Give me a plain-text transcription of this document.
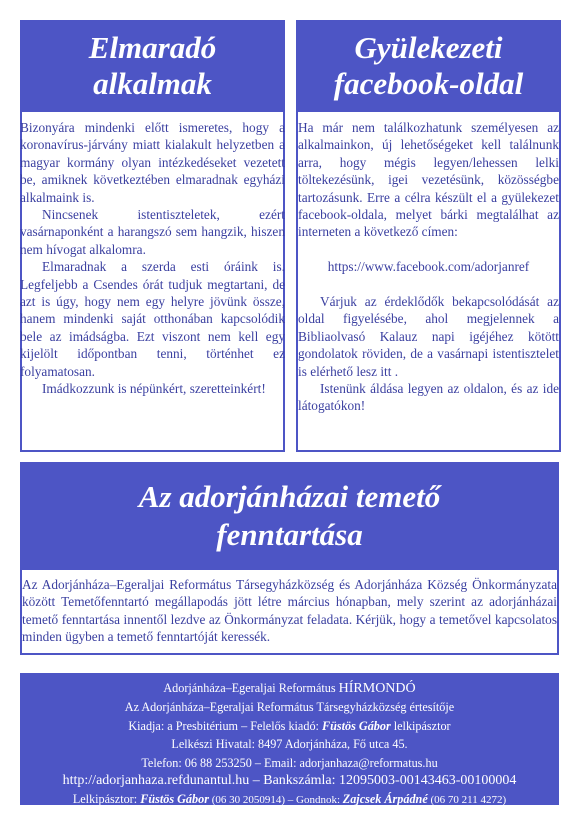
Elmaradó
alkalmak

Bizonyára mindenki előtt ismeretes, hogy a koronavírus-járvány miatt kialakult helyzetben a magyar kormány olyan intézkedéseket vezetett be, amiknek következtében elmaradnak egyházi alkalmaink is.

Nincsenek istentiszteletek, ezért vasárnaponként a harangszó sem hangzik, hiszen nem hívogat alkalomra.

Elmaradnak a szerda esti óráink is. Legfeljebb a Csendes órát tudjuk megtartani, de azt is úgy, hogy nem egy helyre jövünk össze, hanem mindenki saját otthonában kapcsolódik bele az imádságba. Ezt viszont nem kell egy kijelölt időpontban tenni, történhet ez folyamatosan.

Imádkozzunk is népünkért, szeretteinkért!

Gyülekezeti
facebook-oldal

Ha már nem találkozhatunk személyesen az alkalmainkon, új lehetőségeket kell találnunk arra, hogy mégis legyen/lehessen lelki töltekezésünk, igei vezetésünk, közösségbe tartozásunk. Erre a célra készült el a gyülekezet facebook-oldala, melyet bárki megtalálhat az interneten a következő címen:

https://www.facebook.com/adorjanref

Várjuk az érdeklődők bekapcsolódását az oldal figyelésébe, ahol megjelennek a Bibliaolvasó Kalauz napi igéjéhez kötött gondolatok röviden, de a vasárnapi istentisztelet is elérhető lesz itt .

Istenünk áldása legyen az oldalon, és az ide látogatókon!

Az adorjánházai temető
fenntartása

Az Adorjánháza–Egeraljai Református Társegyházközség és Adorjánháza Község Önkormányzata között Temetőfenntartó megállapodás jött létre március hónapban, mely szerint az adorjánházai temető fenntartása innentől lezdve az Önkormányzat feladata. Kérjük, hogy a temetővel kapcsolatos minden ügyben a temető fenntartóját keressék.

Adorjánháza–Egeraljai Református HÍRMONDÓ
Az Adorjánháza–Egeraljai Református Társegyházközség értesítője
Kiadja: a Presbitérium – Felelős kiadó: Füstös Gábor lelkipásztor
Lelkészi Hivatal: 8497 Adorjánháza, Fő utca 45.
Telefon: 06 88 253250 – Email: adorjanhaza@reformatus.hu
http://adorjanhaza.refdunantul.hu – Bankszámla: 12095003-00143463-00100004
Lelkipásztor: Füstös Gábor (06 30 2050914) – Gondnok: Zajcsek Árpádné (06 70 211 4272)
